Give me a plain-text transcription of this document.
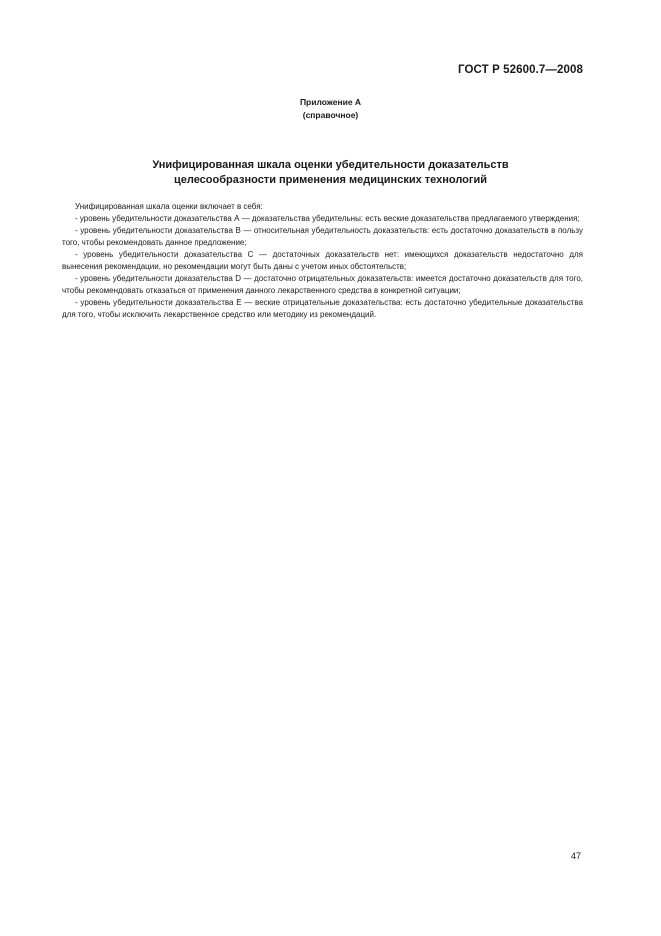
ГОСТ Р 52600.7—2008
Приложение А
(справочное)
Унифицированная шкала оценки убедительности доказательств
целесообразности применения медицинских технологий

Унифицированная шкала оценки включает в себя:

- уровень убедительности доказательства А — доказательства убедительны: есть веские доказательства предлагаемого утверждения;

- уровень убедительности доказательства В — относительная убедительность доказательств: есть достаточно доказательств в пользу того, чтобы рекомендовать данное предложение;

- уровень убедительности доказательства С — достаточных доказательств нет: имеющихся доказательств недостаточно для вынесения рекомендации, но рекомендации могут быть даны с учетом иных обстоятельств;

- уровень убедительности доказательства D — достаточно отрицательных доказательств: имеется достаточно доказательств для того, чтобы рекомендовать отказаться от применения данного лекарственного средства в конкретной ситуации;

- уровень убедительности доказательства Е — веские отрицательные доказательства: есть достаточно убедительные доказательства для того, чтобы исключить лекарственное средство или методику из рекомендаций.

47
